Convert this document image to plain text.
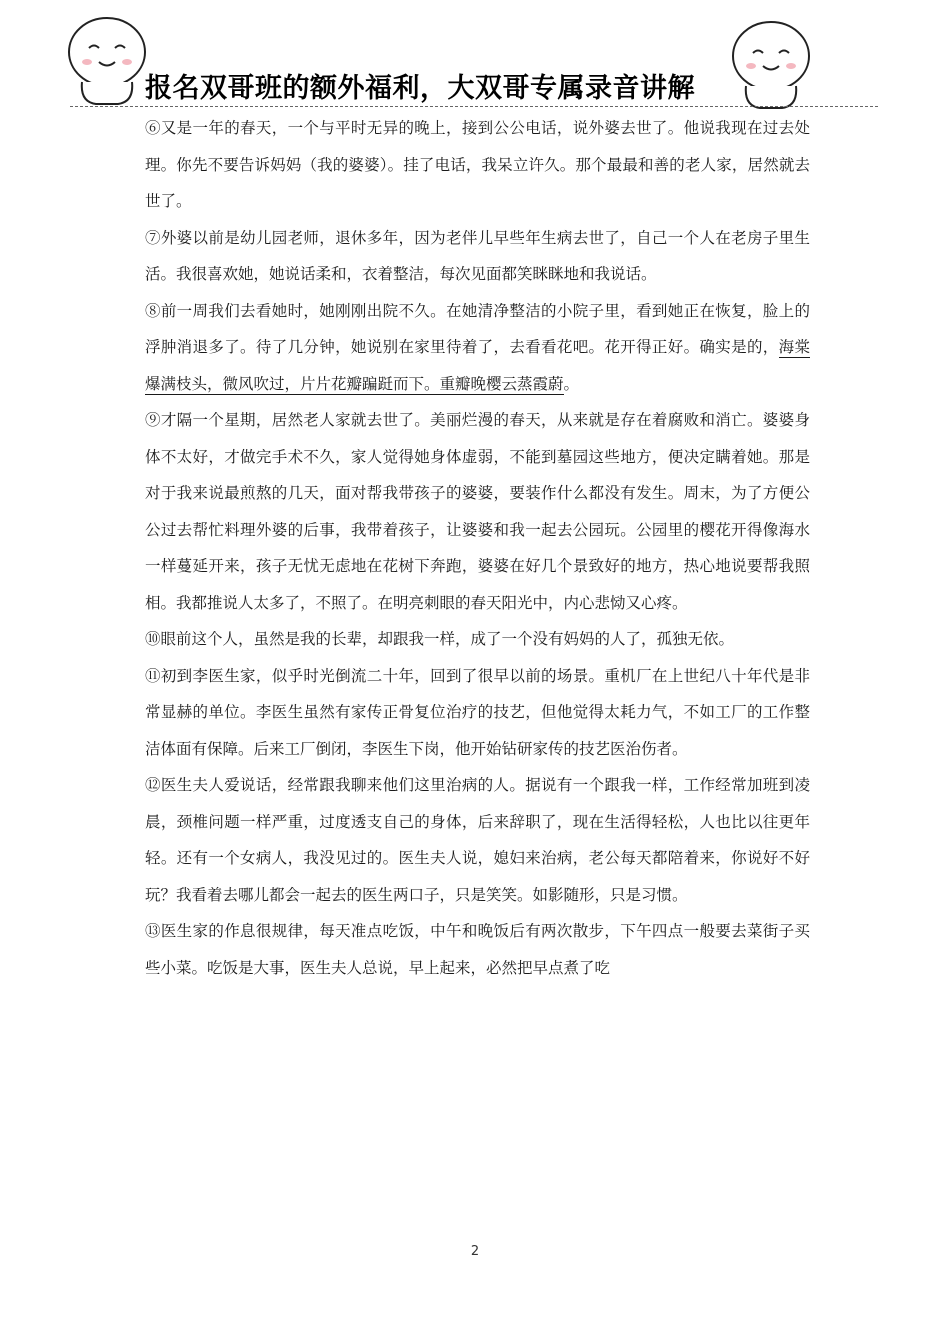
报名双哥班的额外福利，大双哥专属录音讲解

⑥又是一年的春天，一个与平时无异的晚上，接到公公电话，说外婆去世了。他说我现在过去处理。你先不要告诉妈妈（我的婆婆）。挂了电话，我呆立许久。那个最最和善的老人家，居然就去世了。

⑦外婆以前是幼儿园老师，退休多年，因为老伴儿早些年生病去世了，自己一个人在老房子里生活。我很喜欢她，她说话柔和，衣着整洁，每次见面都笑眯眯地和我说话。

⑧前一周我们去看她时，她刚刚出院不久。在她清净整洁的小院子里，看到她正在恢复，脸上的浮肿消退多了。待了几分钟，她说别在家里待着了，去看看花吧。花开得正好。确实是的，海棠爆满枝头，微风吹过，片片花瓣蹁跹而下。重瓣晚樱云蒸霞蔚。

⑨才隔一个星期，居然老人家就去世了。美丽烂漫的春天，从来就是存在着腐败和消亡。婆婆身体不太好，才做完手术不久，家人觉得她身体虚弱，不能到墓园这些地方，便决定瞒着她。那是对于我来说最煎熬的几天，面对帮我带孩子的婆婆，要装作什么都没有发生。周末，为了方便公公过去帮忙料理外婆的后事，我带着孩子，让婆婆和我一起去公园玩。公园里的樱花开得像海水一样蔓延开来，孩子无忧无虑地在花树下奔跑，婆婆在好几个景致好的地方，热心地说要帮我照相。我都推说人太多了，不照了。在明亮刺眼的春天阳光中，内心悲恸又心疼。

⑩眼前这个人，虽然是我的长辈，却跟我一样，成了一个没有妈妈的人了，孤独无依。

⑪初到李医生家，似乎时光倒流二十年，回到了很早以前的场景。重机厂在上世纪八十年代是非常显赫的单位。李医生虽然有家传正骨复位治疗的技艺，但他觉得太耗力气，不如工厂的工作整洁体面有保障。后来工厂倒闭，李医生下岗，他开始钻研家传的技艺医治伤者。

⑫医生夫人爱说话，经常跟我聊来他们这里治病的人。据说有一个跟我一样，工作经常加班到凌晨，颈椎问题一样严重，过度透支自己的身体，后来辞职了，现在生活得轻松，人也比以往更年轻。还有一个女病人，我没见过的。医生夫人说，媳妇来治病，老公每天都陪着来，你说好不好玩？我看着去哪儿都会一起去的医生两口子，只是笑笑。如影随形，只是习惯。

⑬医生家的作息很规律，每天准点吃饭，中午和晚饭后有两次散步，下午四点一般要去菜街子买些小菜。吃饭是大事，医生夫人总说，早上起来，必然把早点煮了吃

2
